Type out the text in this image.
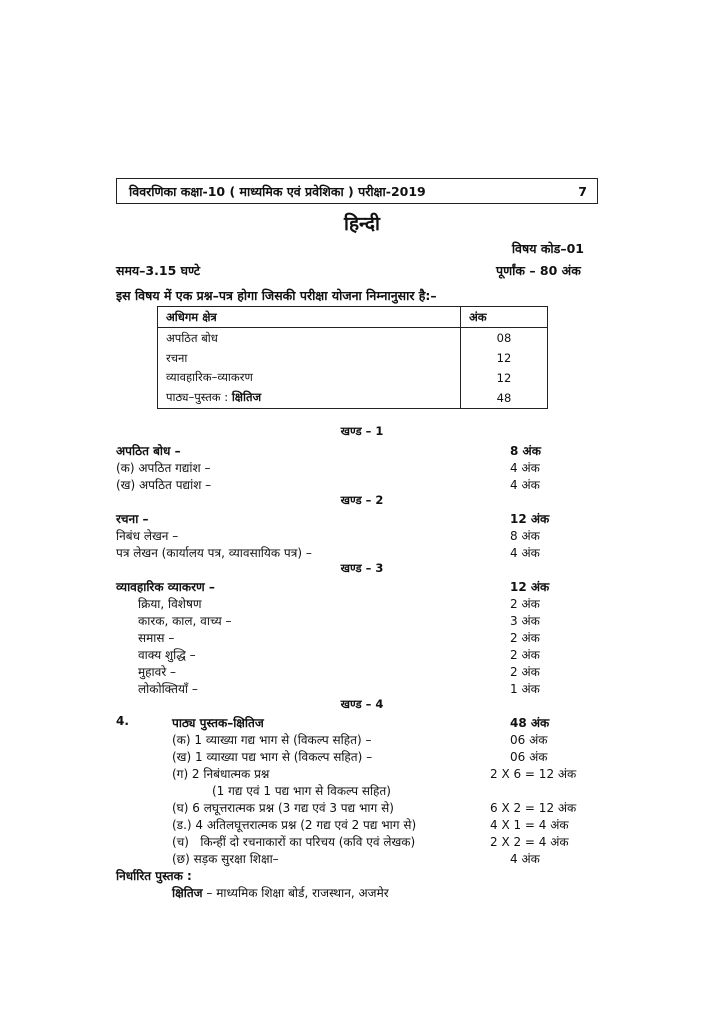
विवरणिका कक्षा-10 ( माध्यमिक एवं प्रवेशिका ) परीक्षा-2019	7
हिन्दी
विषय कोड–01
समय–3.15 घण्टे	पूर्णांक – 80 अंक
इस विषय में एक प्रश्न–पत्र होगा जिसकी परीक्षा योजना निम्नानुसार है:–
अधिगम क्षेत्र	अंक
अपठित बोध	08
रचना	12
व्यावहारिक–व्याकरण	12
पाठ्य–पुस्तक : क्षितिज	48
खण्ड – 1
अपठित बोध –	8 अंक
(क) अपठित गद्यांश –	4 अंक
(ख) अपठित पद्यांश –	4 अंक
खण्ड – 2
रचना –	12 अंक
निबंध लेखन –	8 अंक
पत्र लेखन (कार्यालय पत्र, व्यावसायिक पत्र) –	4 अंक
खण्ड – 3
व्यावहारिक व्याकरण –	12 अंक
क्रिया, विशेषण	2 अंक
कारक, काल, वाच्य –	3 अंक
समास –	2 अंक
वाक्य शुद्धि –	2 अंक
मुहावरे –	2 अंक
लोकोक्तियाँ –	1 अंक
खण्ड – 4
4.	पाठ्य पुस्तक–क्षितिज	48 अंक
(क) 1 व्याख्या गद्य भाग से (विकल्प सहित) –	06 अंक
(ख) 1 व्याख्या पद्य भाग से (विकल्प सहित) –	06 अंक
(ग) 2 निबंधात्मक प्रश्न	2 X 6 = 12 अंक
(1 गद्य एवं 1 पद्य भाग से विकल्प सहित)
(घ) 6 लघूत्तरात्मक प्रश्न (3 गद्य एवं 3 पद्य भाग से)	6 X 2 = 12 अंक
(ड.) 4 अतिलघूत्तरात्मक प्रश्न (2 गद्य एवं 2 पद्य भाग से)	4 X 1 = 4 अंक
(च)   किन्हीं दो रचनाकारों का परिचय (कवि एवं लेखक)	2 X 2 = 4 अंक
(छ) सड़क सुरक्षा शिक्षा–	4 अंक
निर्धारित पुस्तक :
क्षितिज – माध्यमिक शिक्षा बोर्ड, राजस्थान, अजमेर
